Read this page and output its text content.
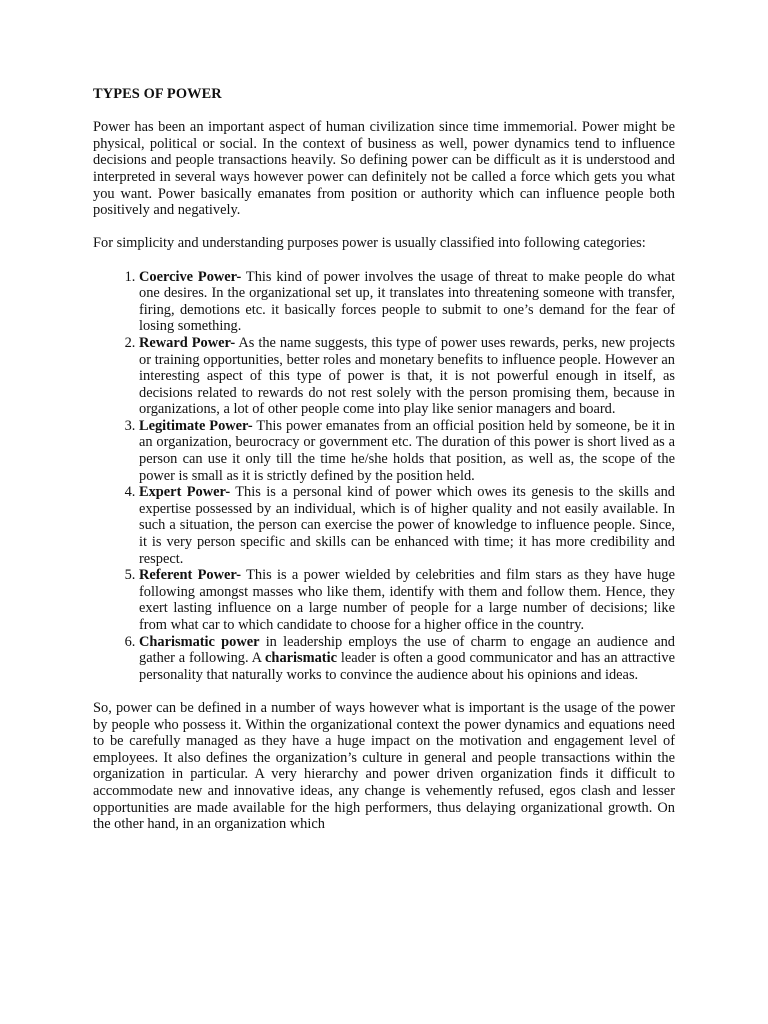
TYPES OF POWER

Power has been an important aspect of human civilization since time immemorial. Power might be physical, political or social. In the context of business as well, power dynamics tend to influence decisions and people transactions heavily. So defining power can be difficult as it is understood and interpreted in several ways however power can definitely not be called a force which gets you what you want. Power basically emanates from position or authority which can influence people both positively and negatively.

For simplicity and understanding purposes power is usually classified into following categories:

1. Coercive Power- This kind of power involves the usage of threat to make people do what one desires. In the organizational set up, it translates into threatening someone with transfer, firing, demotions etc. it basically forces people to submit to one’s demand for the fear of losing something.
2. Reward Power- As the name suggests, this type of power uses rewards, perks, new projects or training opportunities, better roles and monetary benefits to influence people. However an interesting aspect of this type of power is that, it is not powerful enough in itself, as decisions related to rewards do not rest solely with the person promising them, because in organizations, a lot of other people come into play like senior managers and board.
3. Legitimate Power- This power emanates from an official position held by someone, be it in an organization, beurocracy or government etc. The duration of this power is short lived as a person can use it only till the time he/she holds that position, as well as, the scope of the power is small as it is strictly defined by the position held.
4. Expert Power- This is a personal kind of power which owes its genesis to the skills and expertise possessed by an individual, which is of higher quality and not easily available. In such a situation, the person can exercise the power of knowledge to influence people. Since, it is very person specific and skills can be enhanced with time; it has more credibility and respect.
5. Referent Power- This is a power wielded by celebrities and film stars as they have huge following amongst masses who like them, identify with them and follow them. Hence, they exert lasting influence on a large number of people for a large number of decisions; like from what car to which candidate to choose for a higher office in the country.
6. Charismatic power in leadership employs the use of charm to engage an audience and gather a following. A charismatic leader is often a good communicator and has an attractive personality that naturally works to convince the audience about his opinions and ideas.

So, power can be defined in a number of ways however what is important is the usage of the power by people who possess it. Within the organizational context the power dynamics and equations need to be carefully managed as they have a huge impact on the motivation and engagement level of employees. It also defines the organization’s culture in general and people transactions within the organization in particular. A very hierarchy and power driven organization finds it difficult to accommodate new and innovative ideas, any change is vehemently refused, egos clash and lesser opportunities are made available for the high performers, thus delaying organizational growth. On the other hand, in an organization which
